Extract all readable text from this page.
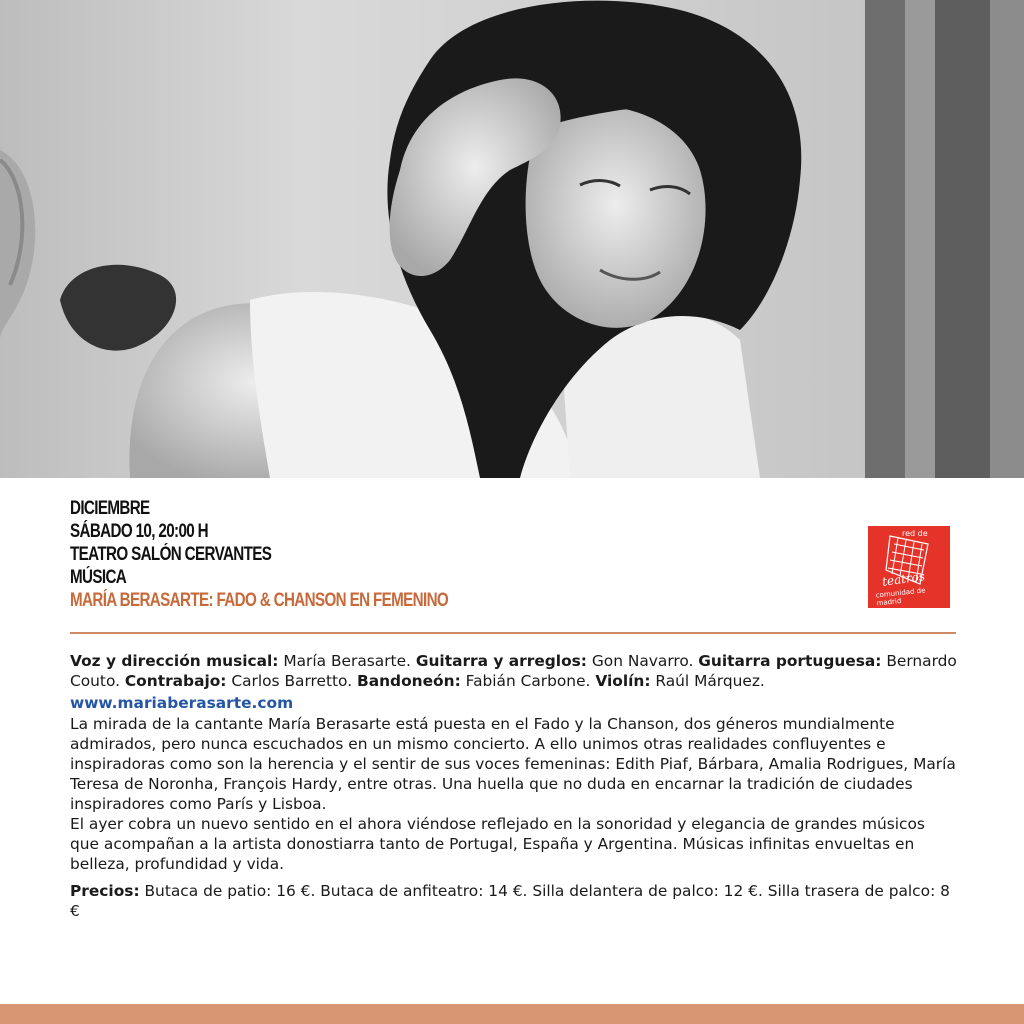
DICIEMBRE
SÁBADO 10, 20:00 H
TEATRO SALÓN CERVANTES
MÚSICA
MARÍA BERASARTE: FADO & CHANSON EN FEMENINO
red de
teatros
comunidad de madrid

Voz y dirección musical: María Berasarte. Guitarra y arreglos: Gon Navarro. Guitarra portuguesa: Bernardo Couto. Contrabajo: Carlos Barretto. Bandoneón: Fabián Carbone. Violín: Raúl Márquez.

www.mariaberasarte.com

La mirada de la cantante María Berasarte está puesta en el Fado y la Chanson, dos géneros mundialmente admirados, pero nunca escuchados en un mismo concierto. A ello unimos otras realidades confluyentes e inspiradoras como son la herencia y el sentir de sus voces femeninas: Edith Piaf, Bárbara, Amalia Rodrigues, María Teresa de Noronha, François Hardy, entre otras. Una huella que no duda en encarnar la tradición de ciudades inspiradores como París y Lisboa.

El ayer cobra un nuevo sentido en el ahora viéndose reflejado en la sonoridad y elegancia de grandes músicos que acompañan a la artista donostiarra tanto de Portugal, España y Argentina. Músicas infinitas envueltas en belleza, profundidad y vida.

Precios: Butaca de patio: 16 €. Butaca de anfiteatro: 14 €. Silla delantera de palco: 12 €. Silla trasera de palco: 8 €
